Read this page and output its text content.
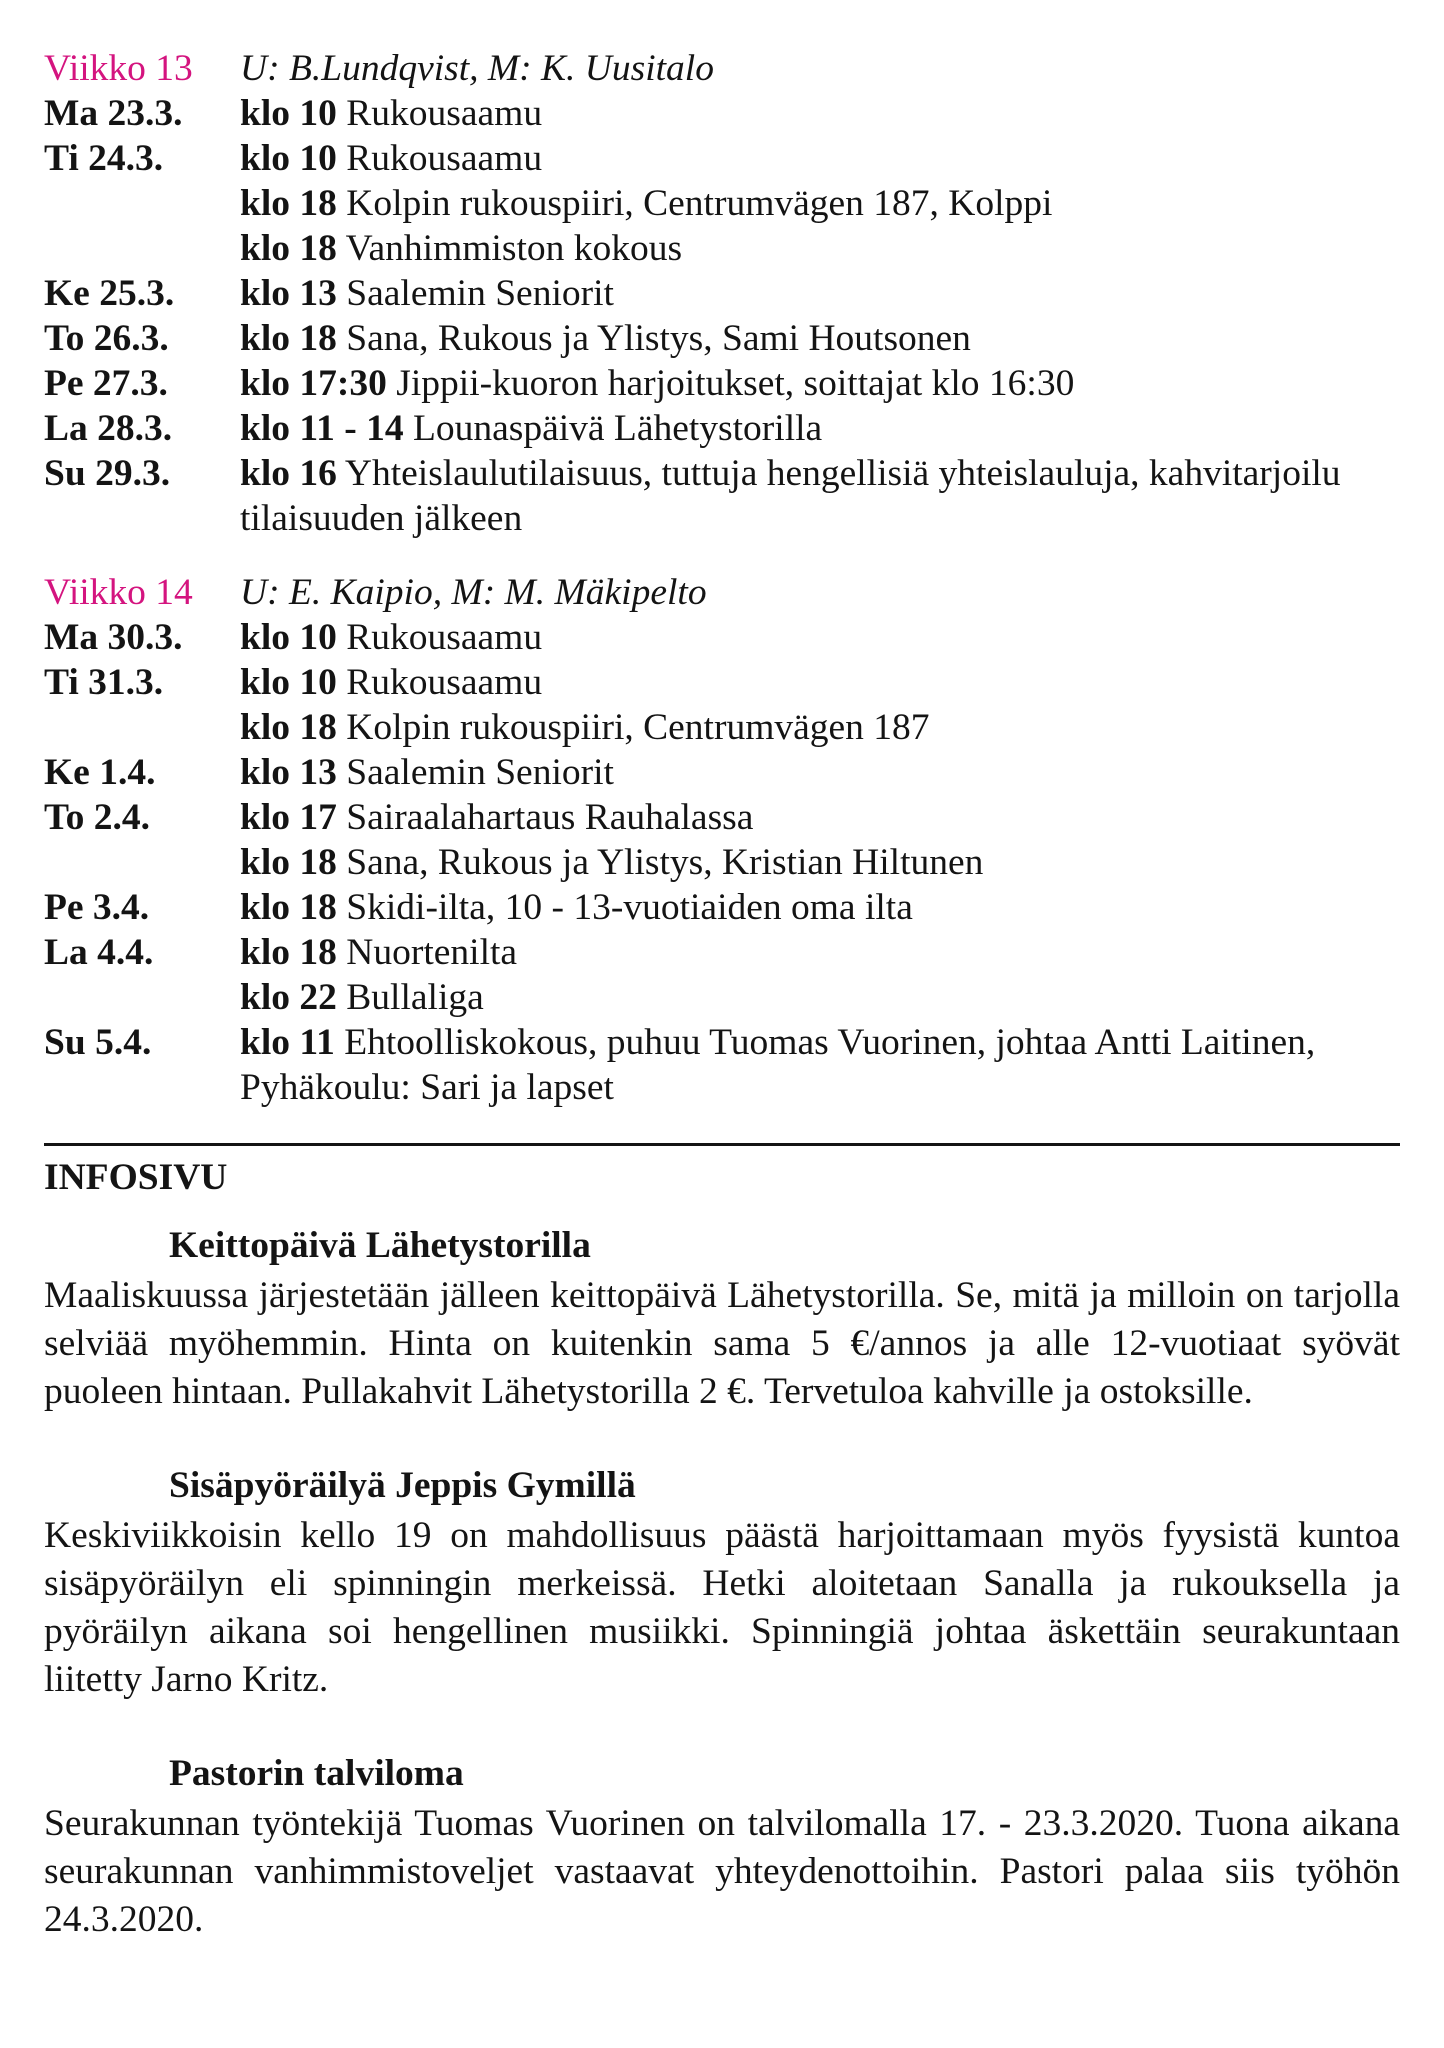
Viikko 13	U: B.Lundqvist, M: K. Uusitalo
Ma 23.3.	klo 10 Rukousaamu
Ti 24.3.	klo 10 Rukousaamu
klo 18 Kolpin rukouspiiri, Centrumvägen 187, Kolppi
klo 18 Vanhimmiston kokous
Ke 25.3.	klo 13 Saalemin Seniorit
To 26.3.	klo 18 Sana, Rukous ja Ylistys, Sami Houtsonen
Pe 27.3.	klo 17:30 Jippii-kuoron harjoitukset, soittajat klo 16:30
La 28.3.	klo 11 - 14 Lounaspäivä Lähetystorilla
Su 29.3.	klo 16 Yhteislaulutilaisuus, tuttuja hengellisiä yhteislauluja, kahvitarjoilu tilaisuuden jälkeen
Viikko 14	U: E. Kaipio, M: M. Mäkipelto
Ma 30.3.	klo 10 Rukousaamu
Ti 31.3.	klo 10 Rukousaamu
klo 18 Kolpin rukouspiiri, Centrumvägen 187
Ke 1.4.	klo 13 Saalemin Seniorit
To 2.4.	klo 17 Sairaalahartaus Rauhalassa
klo 18 Sana, Rukous ja Ylistys, Kristian Hiltunen
Pe 3.4.	klo 18 Skidi-ilta, 10 - 13-vuotiaiden oma ilta
La 4.4.	klo 18 Nuortenilta
klo 22 Bullaliga
Su 5.4.	klo 11 Ehtoolliskokous, puhuu Tuomas Vuorinen, johtaa Antti Laitinen, Pyhäkoulu: Sari ja lapset
INFOSIVU
Keittopäivä Lähetystorilla
Maaliskuussa järjestetään jälleen keittopäivä Lähetystorilla. Se, mitä ja milloin on tarjolla selviää myöhemmin. Hinta on kuitenkin sama 5 €/annos ja alle 12-vuotiaat syövät puoleen hintaan. Pullakahvit Lähetystorilla 2 €. Tervetuloa kahville ja ostoksille.
Sisäpyöräilyä Jeppis Gymillä
Keskiviikkoisin kello 19 on mahdollisuus päästä harjoittamaan myös fyysistä kuntoa sisäpyöräilyn eli spinningin merkeissä. Hetki aloitetaan Sanalla ja rukouksella ja pyöräilyn aikana soi hengellinen musiikki. Spinningiä johtaa äskettäin seurakuntaan liitetty Jarno Kritz.
Pastorin talviloma
Seurakunnan työntekijä Tuomas Vuorinen on talvilomalla 17. - 23.3.2020. Tuona aikana seurakunnan vanhimmistoveljet vastaavat yhteydenottoihin. Pastori palaa siis työhön 24.3.2020.
